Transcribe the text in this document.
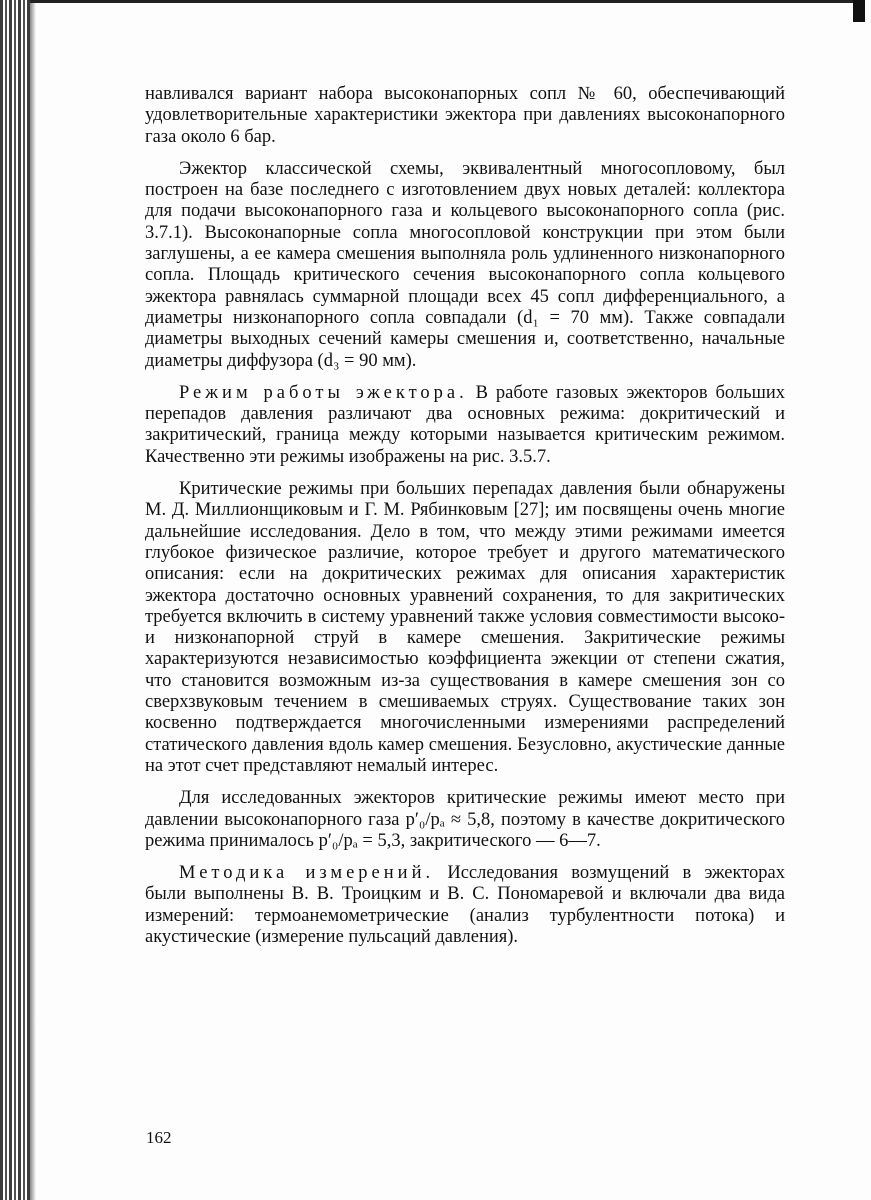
навливался вариант набора высоконапорных сопл № 60, обеспечивающий удовлетворительные характеристики эжектора при давлениях высоконапорного газа около 6 бар.

Эжектор классической схемы, эквивалентный многосопловому, был построен на базе последнего с изготовлением двух новых деталей: коллектора для подачи высоконапорного газа и кольцевого высоконапорного сопла (рис. 3.7.1). Высоконапорные сопла многосопловой конструкции при этом были заглушены, а ее камера смешения выполняла роль удлиненного низконапорного сопла. Площадь критического сечения высоконапорного сопла кольцевого эжектора равнялась суммарной площади всех 45 сопл дифференциального, а диаметры низконапорного сопла совпадали (d₁ = 70 мм). Также совпадали диаметры выходных сечений камеры смешения и, соответственно, начальные диаметры диффузора (d₃ = 90 мм).

Режим работы эжектора. В работе газовых эжекторов больших перепадов давления различают два основных режима: докритический и закритический, граница между которыми называется критическим режимом. Качественно эти режимы изображены на рис. 3.5.7.

Критические режимы при больших перепадах давления были обнаружены М. Д. Миллионщиковым и Г. М. Рябинковым [27]; им посвящены очень многие дальнейшие исследования. Дело в том, что между этими режимами имеется глубокое физическое различие, которое требует и другого математического описания: если на докритических режимах для описания характеристик эжектора достаточно основных уравнений сохранения, то для закритических требуется включить в систему уравнений также условия совместимости высоко- и низконапорной струй в камере смешения. Закритические режимы характеризуются независимостью коэффициента эжекции от степени сжатия, что становится возможным из-за существования в камере смешения зон со сверхзвуковым течением в смешиваемых струях. Существование таких зон косвенно подтверждается многочисленными измерениями распределений статического давления вдоль камер смешения. Безусловно, акустические данные на этот счет представляют немалый интерес.

Для исследованных эжекторов критические режимы имеют место при давлении высоконапорного газа p′₀/pₐ ≈ 5,8, поэтому в качестве докритического режима принималось p′₀/pₐ = 5,3, закритического — 6—7.

Методика измерений. Исследования возмущений в эжекторах были выполнены В. В. Троицким и В. С. Пономаревой и включали два вида измерений: термоанемометрические (анализ турбулентности потока) и акустические (измерение пульсаций давления).

162
